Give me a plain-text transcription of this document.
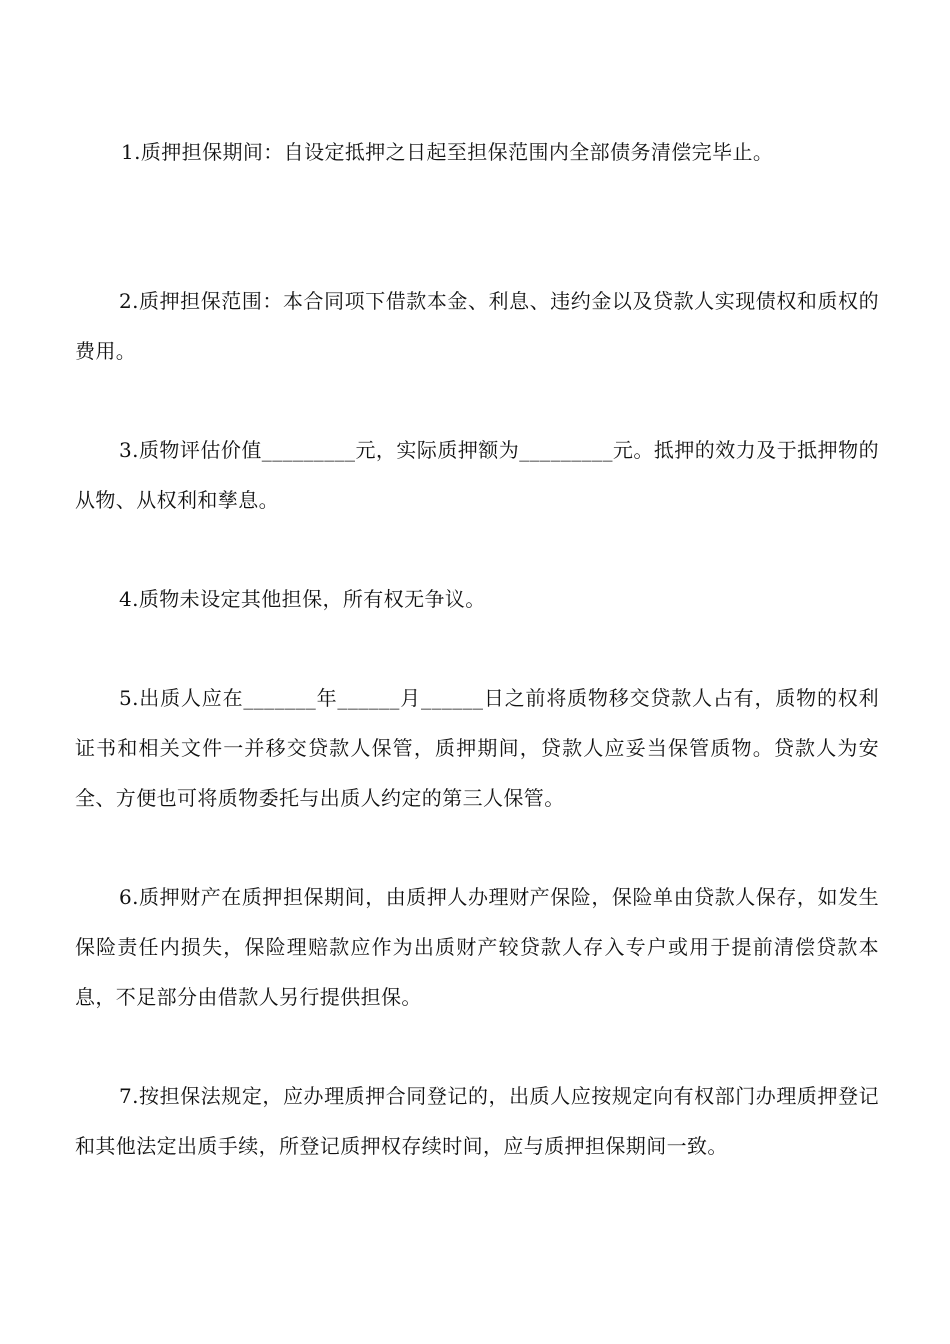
1.质押担保期间：自设定抵押之日起至担保范围内全部债务清偿完毕止。

2.质押担保范围：本合同项下借款本金、利息、违约金以及贷款人实现债权和质权的费用。

3.质物评估价值_________元，实际质押额为_________元。抵押的效力及于抵押物的从物、从权利和孳息。

4.质物未设定其他担保，所有权无争议。

5.出质人应在_______年______月______日之前将质物移交贷款人占有，质物的权利证书和相关文件一并移交贷款人保管，质押期间，贷款人应妥当保管质物。贷款人为安全、方便也可将质物委托与出质人约定的第三人保管。

6.质押财产在质押担保期间，由质押人办理财产保险，保险单由贷款人保存，如发生保险责任内损失，保险理赔款应作为出质财产较贷款人存入专户或用于提前清偿贷款本息，不足部分由借款人另行提供担保。

7.按担保法规定，应办理质押合同登记的，出质人应按规定向有权部门办理质押登记和其他法定出质手续，所登记质押权存续时间，应与质押担保期间一致。
